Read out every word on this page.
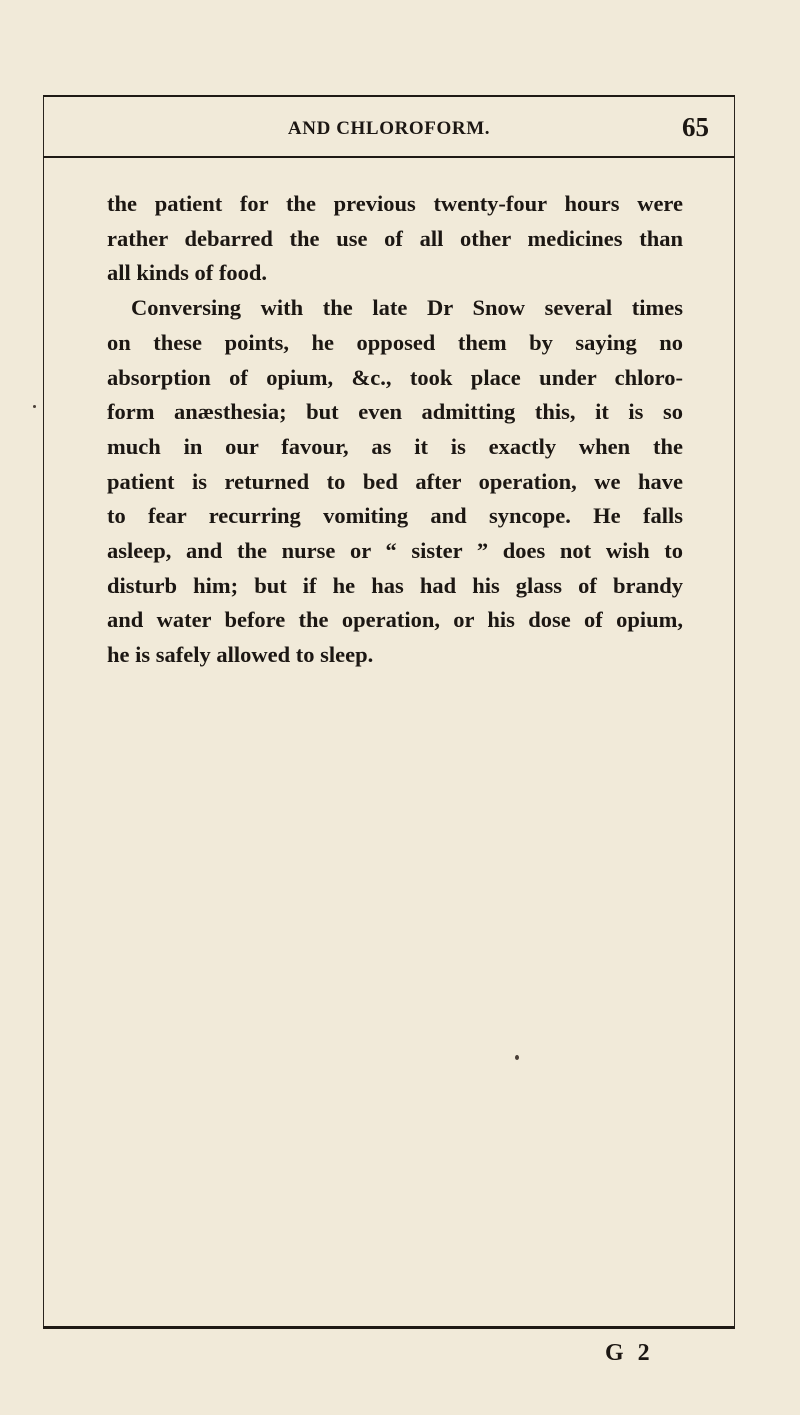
AND CHLOROFORM.	65
the patient for the previous twenty-four hours were
rather debarred the use of all other medicines than
all kinds of food.
Conversing with the late Dr Snow several times
on these points, he opposed them by saying no
absorption of opium, &c., took place under chloro-
form anæsthesia; but even admitting this, it is so
much in our favour, as it is exactly when the
patient is returned to bed after operation, we have
to fear recurring vomiting and syncope. He falls
asleep, and the nurse or “ sister ” does not wish to
disturb him; but if he has had his glass of brandy
and water before the operation, or his dose of opium,
he is safely allowed to sleep.
G 2
